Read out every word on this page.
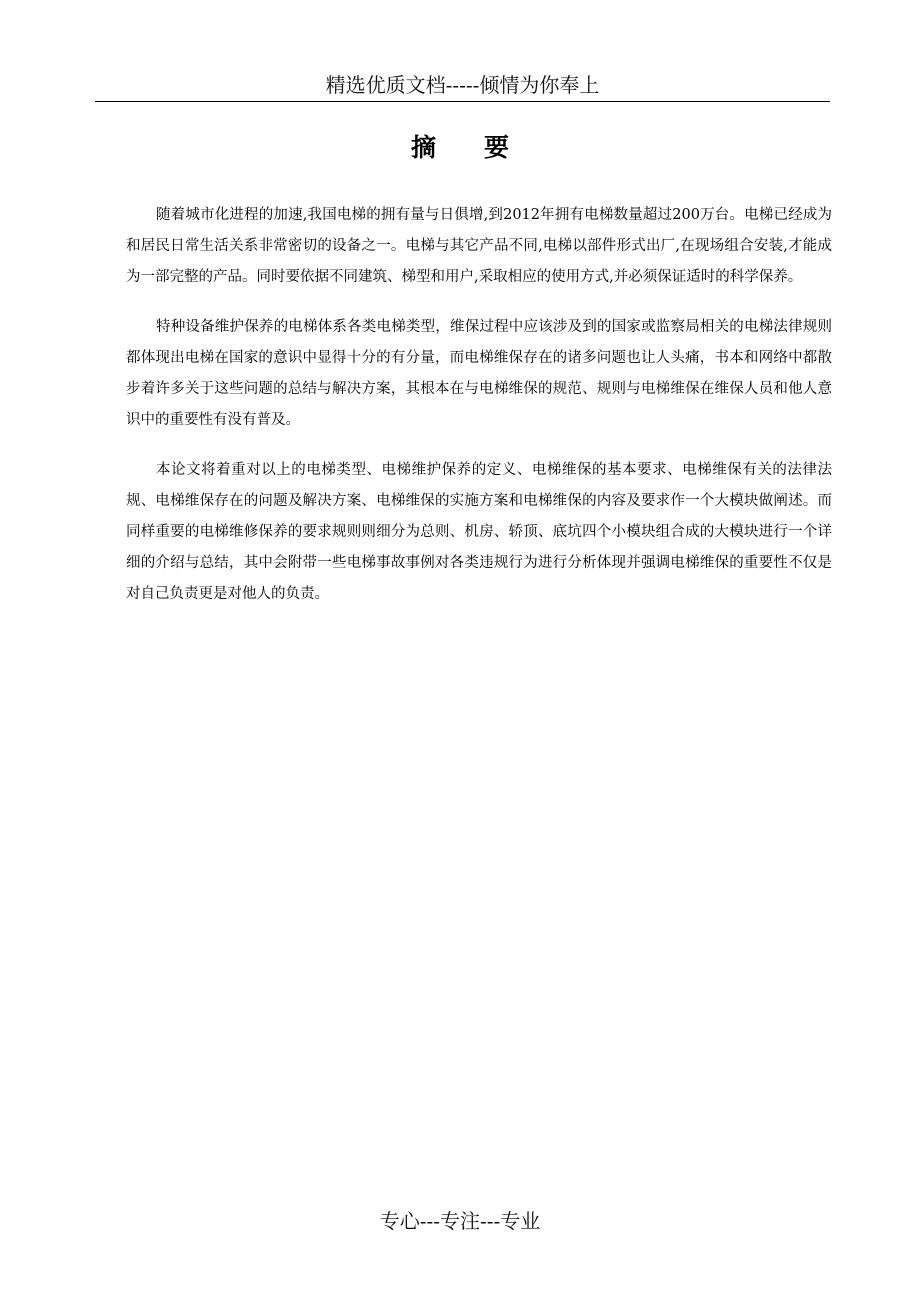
精选优质文档-----倾情为你奉上
摘要

随着城市化进程的加速,我国电梯的拥有量与日俱增,到2012年拥有电梯数量超过200万台。电梯已经成为和居民日常生活关系非常密切的设备之一。电梯与其它产品不同,电梯以部件形式出厂,在现场组合安装,才能成为一部完整的产品。同时要依据不同建筑、梯型和用户,采取相应的使用方式,并必须保证适时的科学保养。

特种设备维护保养的电梯体系各类电梯类型，维保过程中应该涉及到的国家或监察局相关的电梯法律规则都体现出电梯在国家的意识中显得十分的有分量，而电梯维保存在的诸多问题也让人头痛，书本和网络中都散步着许多关于这些问题的总结与解决方案，其根本在与电梯维保的规范、规则与电梯维保在维保人员和他人意识中的重要性有没有普及。

本论文将着重对以上的电梯类型、电梯维护保养的定义、电梯维保的基本要求、电梯维保有关的法律法规、电梯维保存在的问题及解决方案、电梯维保的实施方案和电梯维保的内容及要求作一个大模块做阐述。而同样重要的电梯维修保养的要求规则则细分为总则、机房、轿顶、底坑四个小模块组合成的大模块进行一个详细的介绍与总结，其中会附带一些电梯事故事例对各类违规行为进行分析体现并强调电梯维保的重要性不仅是对自己负责更是对他人的负责。

专心---专注---专业
